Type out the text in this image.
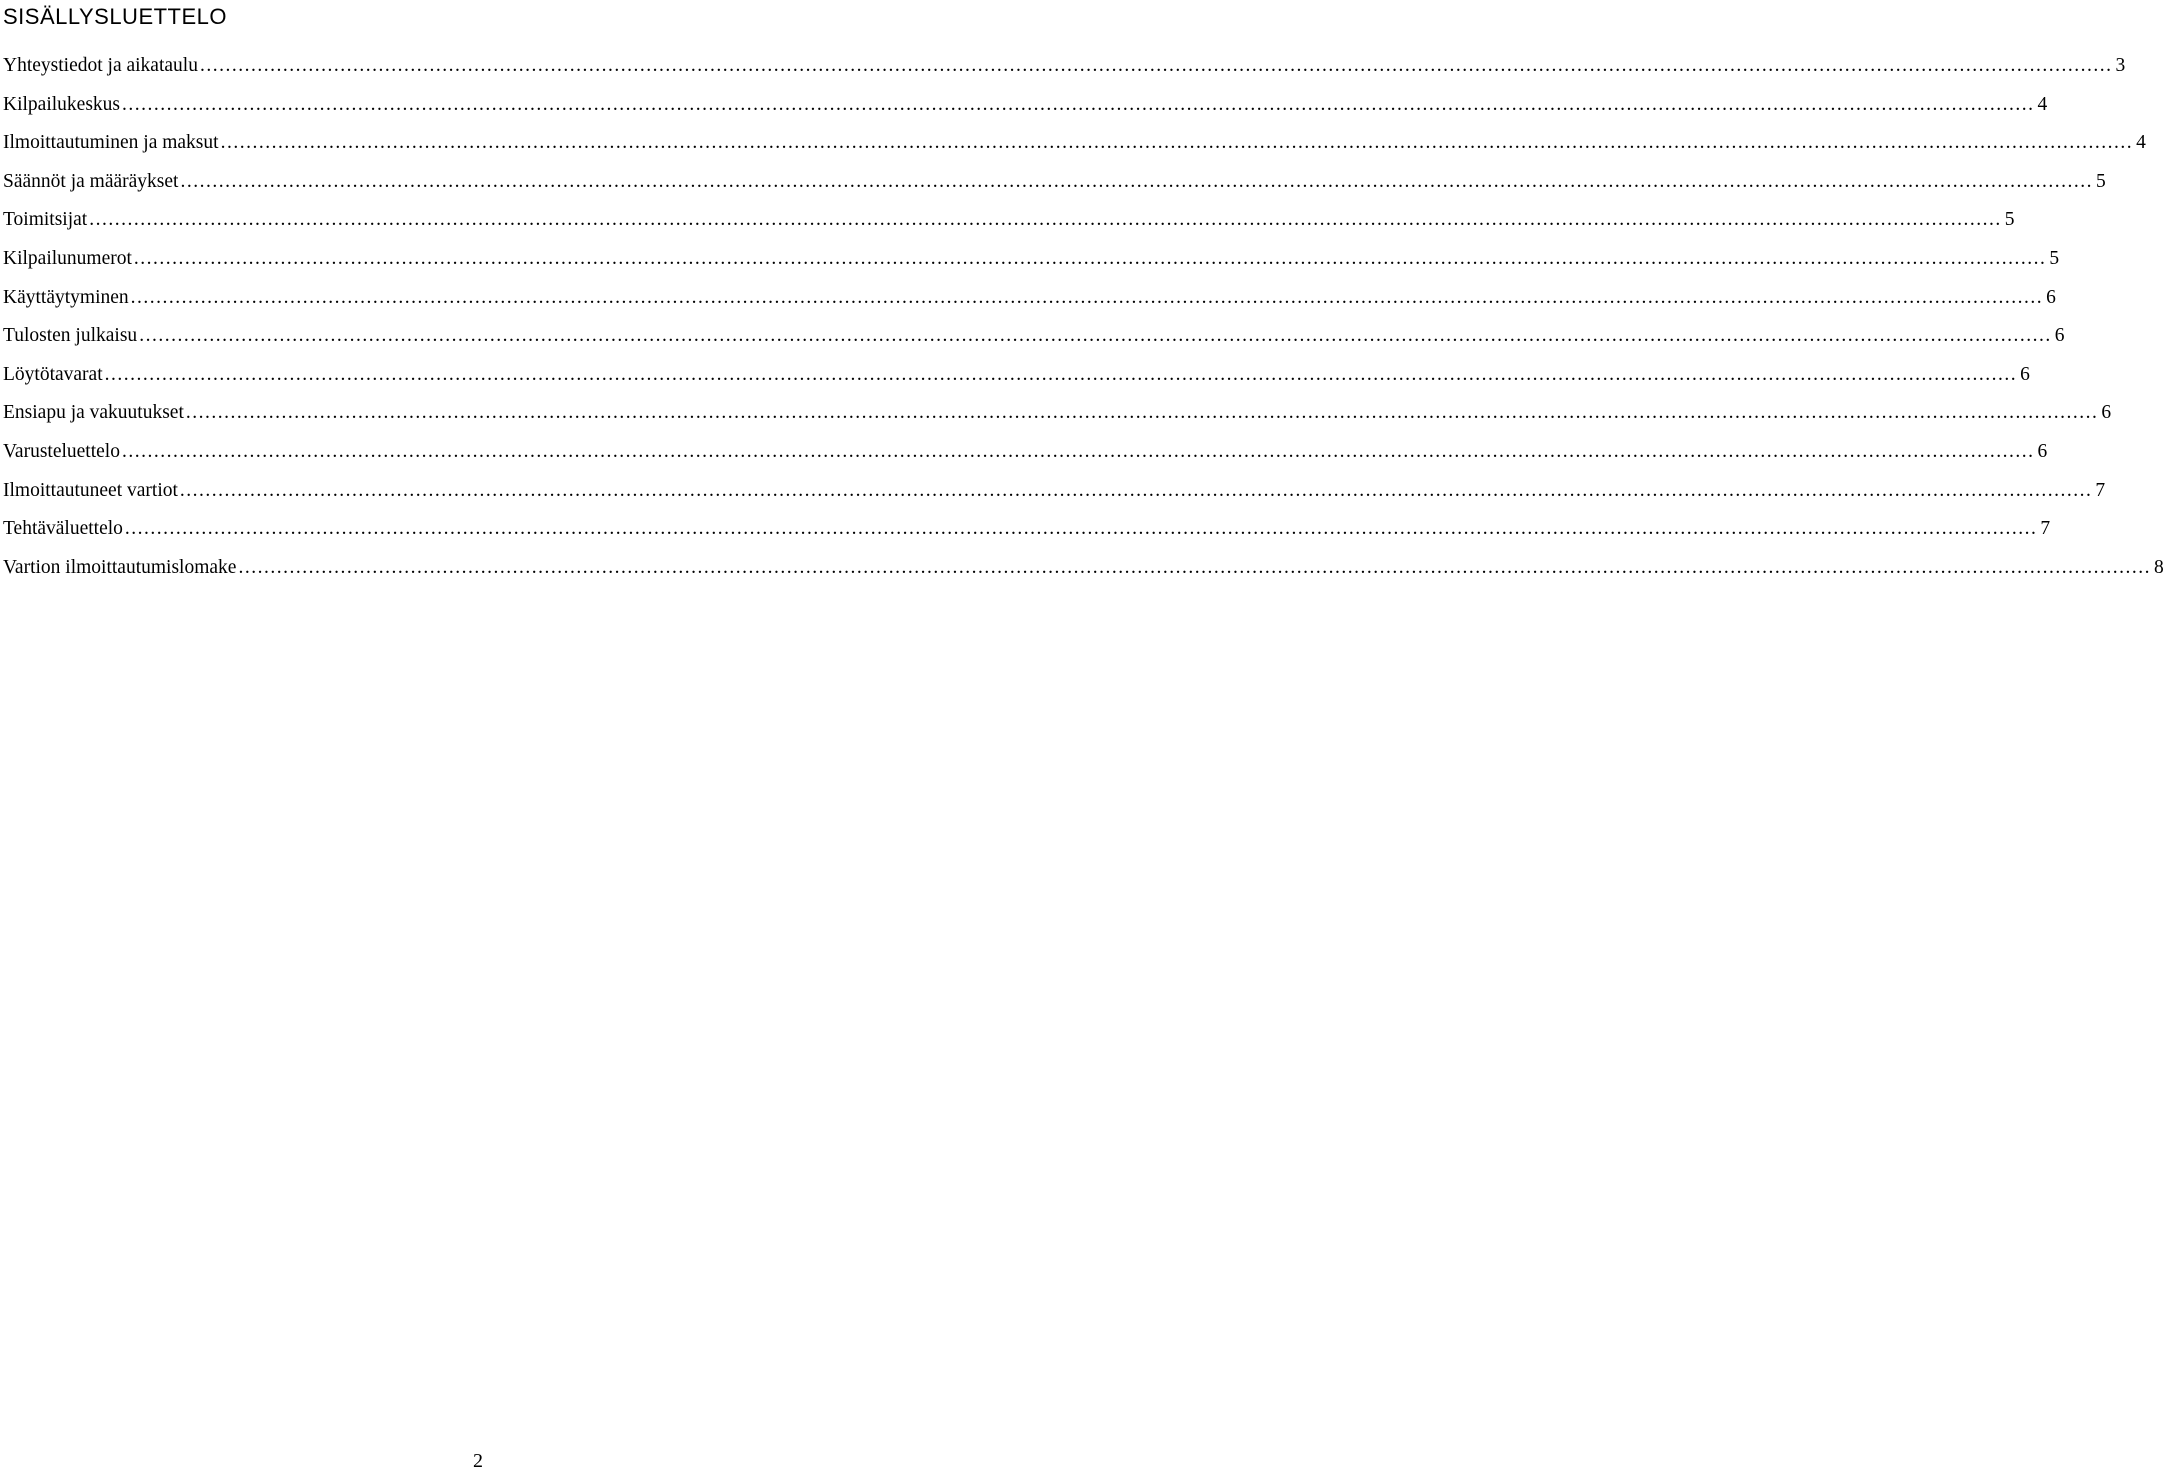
SISÄLLYSLUETTELO
Yhteystiedot ja aikataulu ............................................................................................................................................................................................................................................................................................................ 3
Kilpailukeskus ............................................................................................................................................................................................................................................................................................................ 4
Ilmoittautuminen ja maksut ............................................................................................................................................................................................................................................................................................................ 4
Säännöt ja määräykset ............................................................................................................................................................................................................................................................................................................ 5
Toimitsijat ............................................................................................................................................................................................................................................................................................................ 5
Kilpailunumerot ............................................................................................................................................................................................................................................................................................................ 5
Käyttäytyminen ............................................................................................................................................................................................................................................................................................................ 6
Tulosten julkaisu ............................................................................................................................................................................................................................................................................................................ 6
Löytötavarat ............................................................................................................................................................................................................................................................................................................ 6
Ensiapu ja vakuutukset ............................................................................................................................................................................................................................................................................................................ 6
Varusteluettelo ............................................................................................................................................................................................................................................................................................................ 6
Ilmoittautuneet vartiot ............................................................................................................................................................................................................................................................................................................ 7
Tehtäväluettelo ............................................................................................................................................................................................................................................................................................................ 7
Vartion ilmoittautumislomake ............................................................................................................................................................................................................................................................................................................ 8
2
